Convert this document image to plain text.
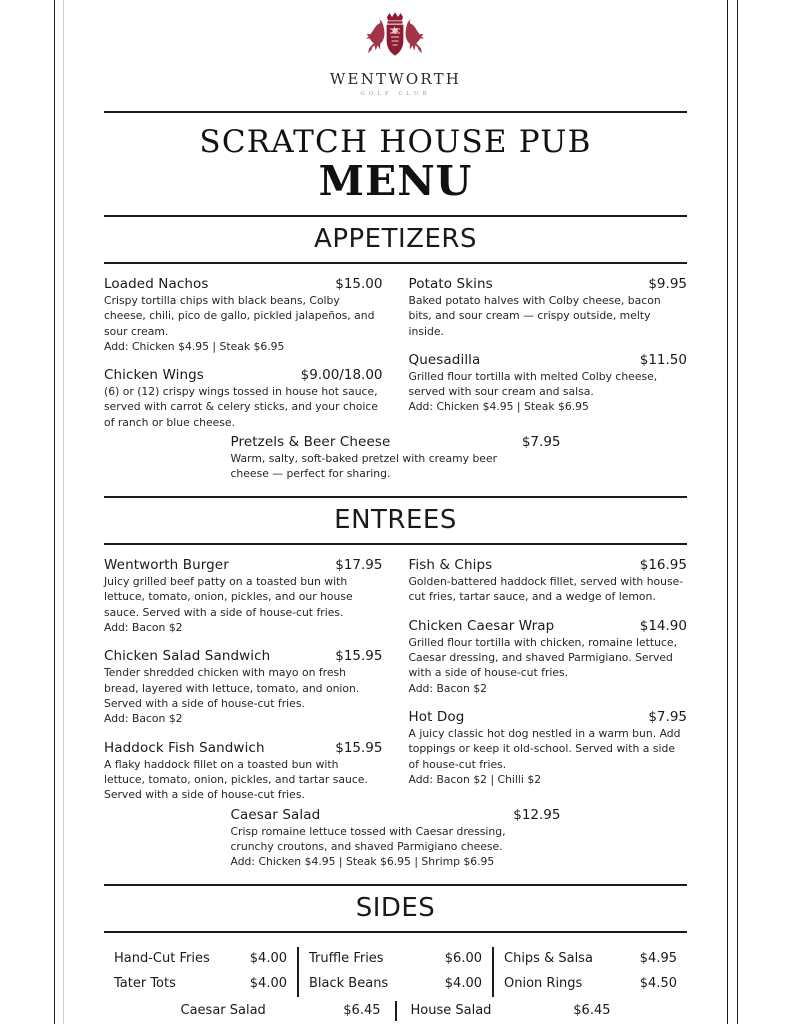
WENTWORTH
GOLF CLUB
SCRATCH HOUSE PUB
MENU
APPETIZERS
Loaded Nachos	$15.00
Crispy tortilla chips with black beans, Colby cheese, chili, pico de gallo, pickled jalapeños, and sour cream.
Add: Chicken $4.95 | Steak $6.95
Chicken Wings	$9.00/18.00
(6) or (12) crispy wings tossed in house hot sauce, served with carrot & celery sticks, and your choice of ranch or blue cheese.
Potato Skins	$9.95
Baked potato halves with Colby cheese, bacon bits, and sour cream — crispy outside, melty inside.
Quesadilla	$11.50
Grilled flour tortilla with melted Colby cheese, served with sour cream and salsa.
Add: Chicken $4.95 | Steak $6.95
Pretzels & Beer Cheese	$7.95
Warm, salty, soft-baked pretzel with creamy beer cheese — perfect for sharing.
ENTREES
Wentworth Burger	$17.95
Juicy grilled beef patty on a toasted bun with lettuce, tomato, onion, pickles, and our house sauce. Served with a side of house-cut fries.
Add: Bacon $2
Chicken Salad Sandwich	$15.95
Tender shredded chicken with mayo on fresh bread, layered with lettuce, tomato, and onion. Served with a side of house-cut fries.
Add: Bacon $2
Haddock Fish Sandwich	$15.95
A flaky haddock fillet on a toasted bun with lettuce, tomato, onion, pickles, and tartar sauce. Served with a side of house-cut fries.
Fish & Chips	$16.95
Golden-battered haddock fillet, served with house-cut fries, tartar sauce, and a wedge of lemon.
Chicken Caesar Wrap	$14.90
Grilled flour tortilla with chicken, romaine lettuce, Caesar dressing, and shaved Parmigiano. Served with a side of house-cut fries.
Add: Bacon $2
Hot Dog	$7.95
A juicy classic hot dog nestled in a warm bun. Add toppings or keep it old-school. Served with a side of house-cut fries.
Add: Bacon $2 | Chilli $2
Caesar Salad	$12.95
Crisp romaine lettuce tossed with Caesar dressing, crunchy croutons, and shaved Parmigiano cheese.
Add: Chicken $4.95 | Steak $6.95 | Shrimp $6.95
SIDES
Hand-Cut Fries	$4.00
Tater Tots	$4.00
Truffle Fries	$6.00
Black Beans	$4.00
Chips & Salsa	$4.95
Onion Rings	$4.50
Caesar Salad	$6.45 House Salad	$6.45
